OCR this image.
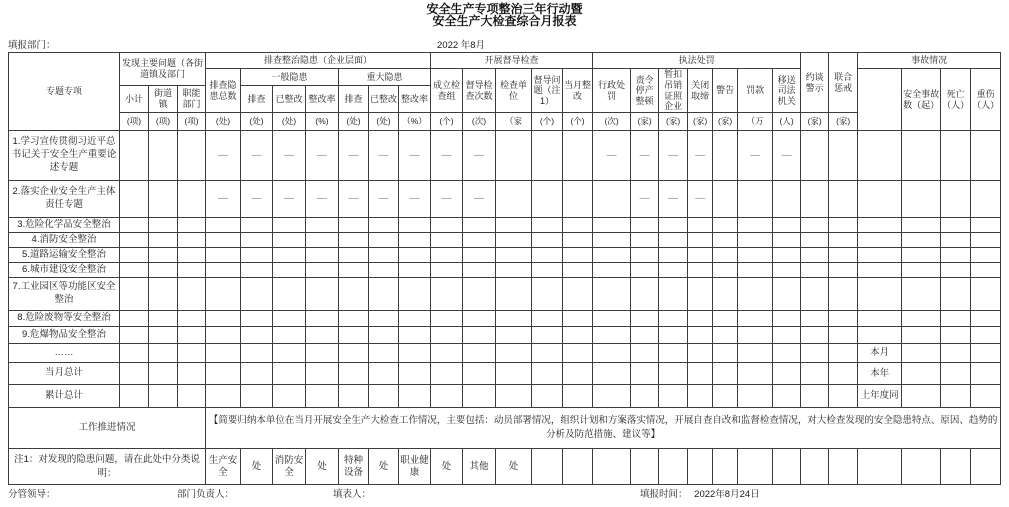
安全生产专项整治三年行动暨
安全生产大检查综合月报表
填报部门：	2022 年8月
专题专项	发现主要问题（各街道镇及部门			排查整治隐患（企业层面）							开展督导检查					执法处罚							约谈警示	联合惩戒	事故情况			
				排查隐患总数	一般隐患			重大隐患			成立检查组	督导检查次数	检查单位	督导问题（注1）	当月整改	行政处罚	责令停产整顿	暂扣吊销证照企业	关闭取缔	警告	罚款	移送司法机关				安全事故数（起）	死亡（人）	重伤（人）
	小计	街道镇	职能部门		排查	已整改	整改率	排查	已整改	整改率																		
	(项)	(项)	(项)	(处)	(处)	(处)	(%)	(处)	(处)	（%）	(个)	(次)	（家	(个)	(个)	(次)	(家)	(家)	(家)	(家)	（万	(人)	(家)	(家)				
1.学习宣传贯彻习近平总书记关于安全生产重要论述专题				—	—	—	—	—	—	—	—	—				—	—	—	—		—	—						
2.落实企业安全生产主体责任专题				—	—	—	—	—	—	—	—	—					—	—	—									
3.危险化学品安全整治																												
4.消防安全整治																												
5.道路运输安全整治																												
6.城市建设安全整治																												
7.工业园区等功能区安全整治																												
8.危险废物等安全整治																												
9.危爆物品安全整治																												
……																									本月			
当月总计																									本年			
累计总计																									上年度同			
工作推进情况				【简要归纳本单位在当月开展安全生产大检查工作情况，主要包括：动员部署情况，组织计划和方案落实情况，开展自查自改和监督检查情况，对大检查发现的安全隐患特点、原因、趋势的分析及防范措施、建议等】																								
注1：对发现的隐患问题，请在此处中分类说明：				生产安全	处	消防安全	处	特种设备	处	职业健康	处	其他	处															
分管领导：	部门负责人：	填表人：	填报时间： 2022年8月24日
